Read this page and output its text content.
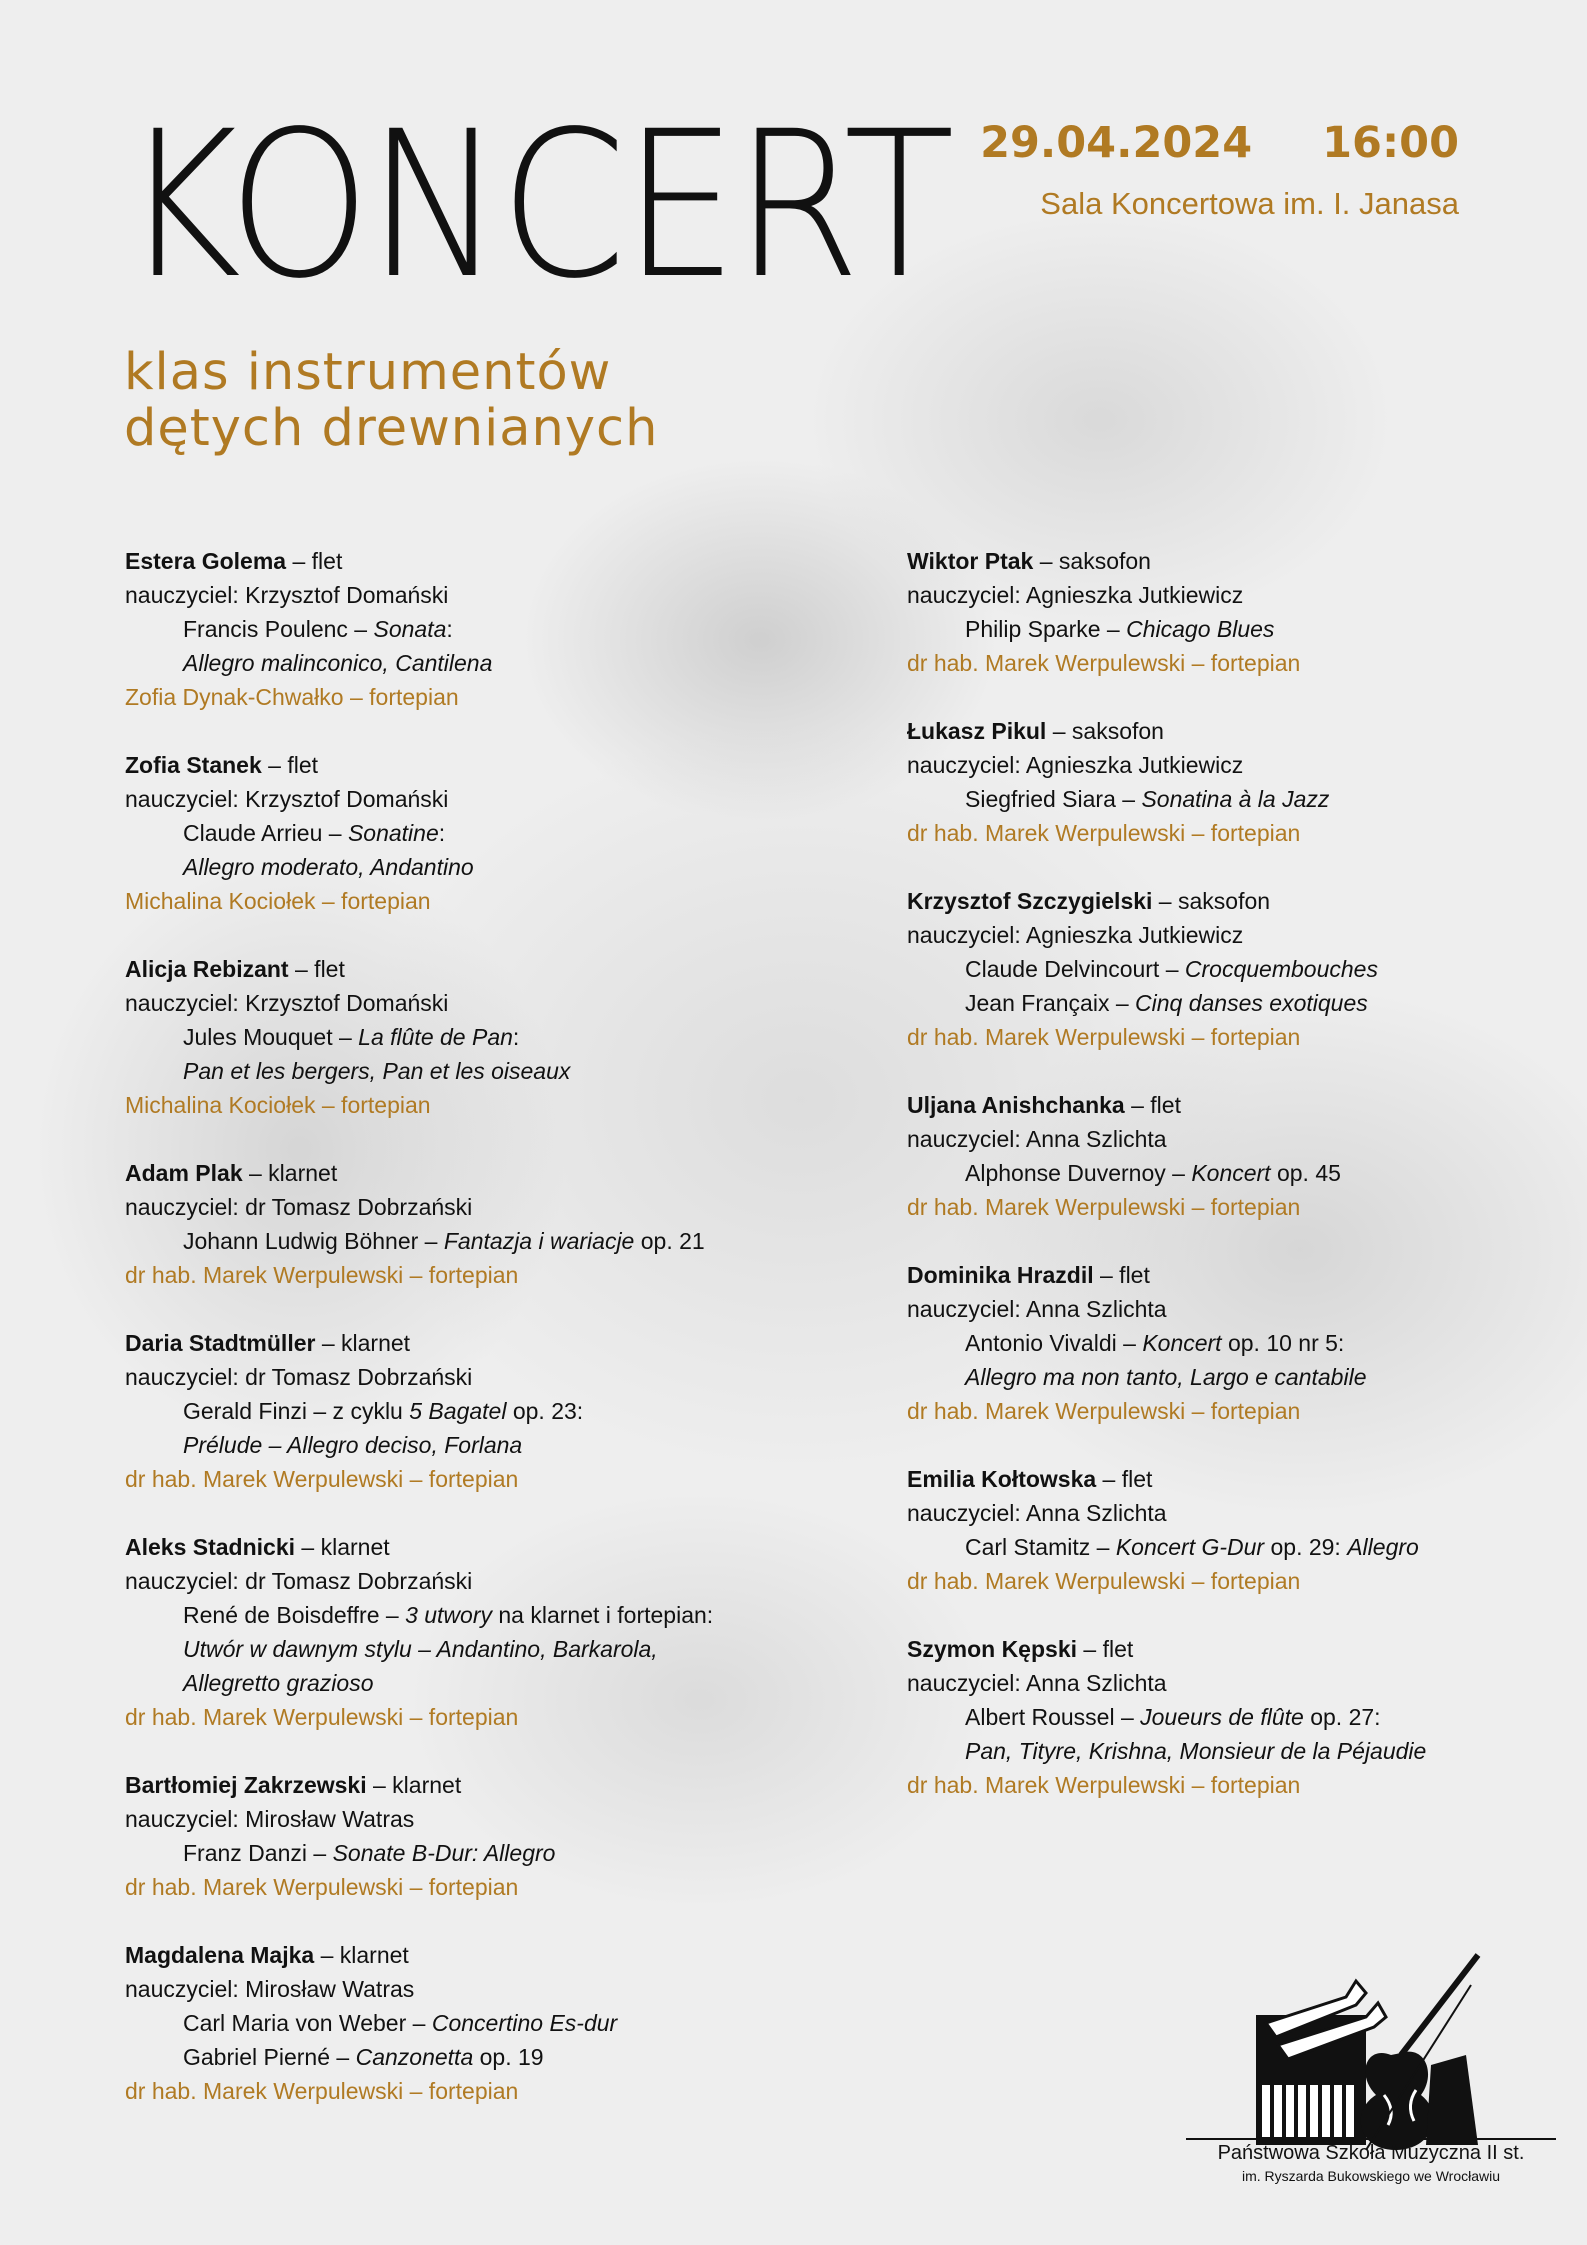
KONCERT
klas instrumentów
dętych drewnianych
29.04.2024 16:00
Sala Koncertowa im. I. Janasa
Estera Golema – flet
nauczyciel: Krzysztof Domański
Francis Poulenc – Sonata:
Allegro malinconico, Cantilena
Zofia Dynak-Chwałko – fortepian
Zofia Stanek – flet
nauczyciel: Krzysztof Domański
Claude Arrieu – Sonatine:
Allegro moderato, Andantino
Michalina Kociołek – fortepian
Alicja Rebizant – flet
nauczyciel: Krzysztof Domański
Jules Mouquet – La flûte de Pan:
Pan et les bergers, Pan et les oiseaux
Michalina Kociołek – fortepian
Adam Plak – klarnet
nauczyciel: dr Tomasz Dobrzański
Johann Ludwig Böhner – Fantazja i wariacje op. 21
dr hab. Marek Werpulewski – fortepian
Daria Stadtmüller – klarnet
nauczyciel: dr Tomasz Dobrzański
Gerald Finzi – z cyklu 5 Bagatel op. 23:
Prélude – Allegro deciso, Forlana
dr hab. Marek Werpulewski – fortepian
Aleks Stadnicki – klarnet
nauczyciel: dr Tomasz Dobrzański
René de Boisdeffre – 3 utwory na klarnet i fortepian:
Utwór w dawnym stylu – Andantino, Barkarola,
Allegretto grazioso
dr hab. Marek Werpulewski – fortepian
Bartłomiej Zakrzewski – klarnet
nauczyciel: Mirosław Watras
Franz Danzi – Sonate B-Dur: Allegro
dr hab. Marek Werpulewski – fortepian
Magdalena Majka – klarnet
nauczyciel: Mirosław Watras
Carl Maria von Weber – Concertino Es-dur
Gabriel Pierné – Canzonetta op. 19
dr hab. Marek Werpulewski – fortepian
Wiktor Ptak – saksofon
nauczyciel: Agnieszka Jutkiewicz
Philip Sparke – Chicago Blues
dr hab. Marek Werpulewski – fortepian
Łukasz Pikul – saksofon
nauczyciel: Agnieszka Jutkiewicz
Siegfried Siara – Sonatina à la Jazz
dr hab. Marek Werpulewski – fortepian
Krzysztof Szczygielski – saksofon
nauczyciel: Agnieszka Jutkiewicz
Claude Delvincourt – Crocquembouches
Jean Françaix – Cinq danses exotiques
dr hab. Marek Werpulewski – fortepian
Uljana Anishchanka – flet
nauczyciel: Anna Szlichta
Alphonse Duvernoy – Koncert op. 45
dr hab. Marek Werpulewski – fortepian
Dominika Hrazdil – flet
nauczyciel: Anna Szlichta
Antonio Vivaldi – Koncert op. 10 nr 5:
Allegro ma non tanto, Largo e cantabile
dr hab. Marek Werpulewski – fortepian
Emilia Kołtowska – flet
nauczyciel: Anna Szlichta
Carl Stamitz – Koncert G-Dur op. 29: Allegro
dr hab. Marek Werpulewski – fortepian
Szymon Kępski – flet
nauczyciel: Anna Szlichta
Albert Roussel – Joueurs de flûte op. 27:
Pan, Tityre, Krishna, Monsieur de la Péjaudie
dr hab. Marek Werpulewski – fortepian
Państwowa Szkoła Muzyczna II st.
im. Ryszarda Bukowskiego we Wrocławiu
